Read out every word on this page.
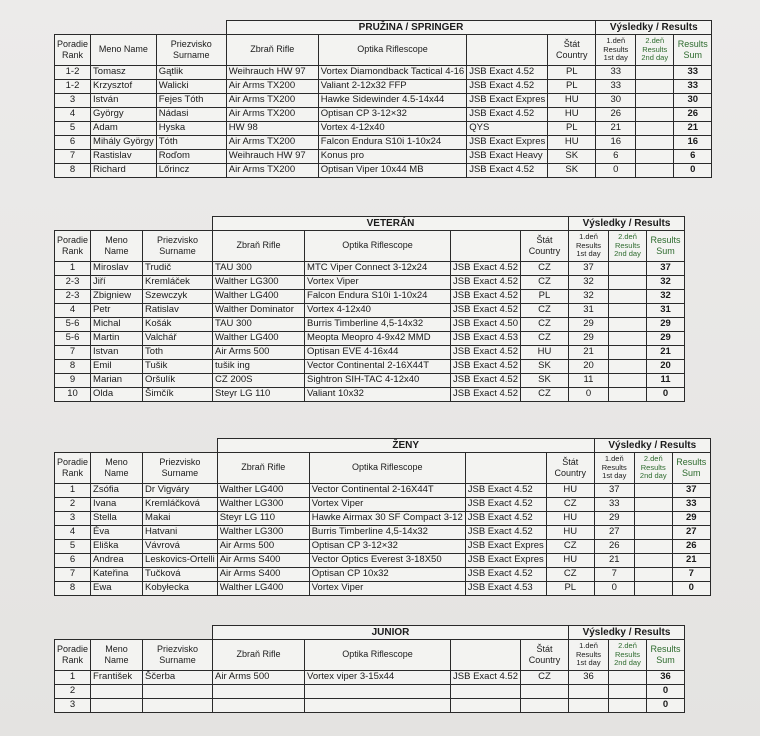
			PRUŽINA / SPRINGER				Výsledky / Results		
Poradie Rank	Meno Name	Priezvisko Surname	Zbraň Rifle	Optika Riflescope		Štát Country	1.deň Results 1st day	2.deň Results 2nd day	Results Sum
1-2	Tomasz	Gątlik	Weihrauch HW 97	Vortex Diamondback Tactical 4-16	JSB Exact 4.52	PL	33		33
1-2	Krzysztof	Walicki	Air Arms TX200	Valiant 2-12x32 FFP	JSB Exact 4.52	PL	33		33
3	István	Fejes Tóth	Air Arms TX200	Hawke Sidewinder 4.5-14x44	JSB Exact Expres	HU	30		30
4	György	Nádasi	Air Arms TX200	Optisan CP 3-12×32	JSB Exact 4.52	HU	26		26
5	Adam	Hyska	HW 98	Vortex 4-12x40	QYS	PL	21		21
6	Mihály György	Tóth	Air Arms TX200	Falcon Endura S10i 1-10x24	JSB Exact Expres	HU	16		16
7	Rastislav	Roďom	Weihrauch HW 97	Konus pro	JSB Exact Heavy	SK	6		6
8	Richard	Lőrincz	Air Arms TX200	Optisan Viper 10x44 MB	JSB Exact 4.52	SK	0		0
			VETERÁN				Výsledky / Results		
Poradie Rank	Meno Name	Priezvisko Surname	Zbraň Rifle	Optika Riflescope		Štát Country	1.deň Results 1st day	2.deň Results 2nd day	Results Sum
1	Miroslav	Trudič	TAU 300	MTC Viper Connect 3-12x24	JSB Exact 4.52	CZ	37		37
2-3	Jiří	Kremláček	Walther LG300	Vortex Viper	JSB Exact 4.52	CZ	32		32
2-3	Zbigniew	Szewczyk	Walther LG400	Falcon Endura S10i 1-10x24	JSB Exact 4.52	PL	32		32
4	Petr	Ratislav	Walther Dominator	Vortex 4-12x40	JSB Exact 4.52	CZ	31		31
5-6	Michal	Košák	TAU 300	Burris Timberline 4,5-14x32	JSB Exact 4.50	CZ	29		29
5-6	Martin	Valchář	Walther LG400	Meopta Meopro 4-9x42 MMD	JSB Exact 4.53	CZ	29		29
7	Istvan	Toth	Air Arms 500	Optisan EVE 4-16x44	JSB Exact 4.52	HU	21		21
8	Emil	Tušik	tušik ing	Vector Continental 2-16X44T	JSB Exact 4.52	SK	20		20
9	Marian	Oršulík	CZ 200S	Sightron SIH-TAC 4-12x40	JSB Exact 4.52	SK	11		11
10	Olda	Šimčík	Steyr LG 110	Valiant 10x32	JSB Exact 4.52	CZ	0		0
			ŽENY				Výsledky / Results		
Poradie Rank	Meno Name	Priezvisko Surname	Zbraň Rifle	Optika Riflescope		Štát Country	1.deň Results 1st day	2.deň Results 2nd day	Results Sum
1	Zsófia	Dr Vigváry	Walther LG400	Vector Continental 2-16X44T	JSB Exact 4.52	HU	37		37
2	Ivana	Kremláčková	Walther LG300	Vortex Viper	JSB Exact 4.52	CZ	33		33
3	Stella	Makai	Steyr LG 110	Hawke Airmax 30 SF Compact 3-12	JSB Exact 4.52	HU	29		29
4	Éva	Hatvani	Walther LG300	Burris Timberline 4,5-14x32	JSB Exact 4.52	HU	27		27
5	Eliška	Vávrová	Air Arms 500	Optisan CP 3-12×32	JSB Exact Expres	CZ	26		26
6	Andrea	Leskovics-Ortelli	Air Arms S400	Vector Optics Everest 3-18X50	JSB Exact Expres	HU	21		21
7	Kateřina	Tučková	Air Arms S400	Optisan CP 10x32	JSB Exact 4.52	CZ	7		7
8	Ewa	Kobyłecka	Walther LG400	Vortex Viper	JSB Exact 4.53	PL	0		0
			JUNIOR				Výsledky / Results		
Poradie Rank	Meno Name	Priezvisko Surname	Zbraň Rifle	Optika Riflescope		Štát Country	1.deň Results 1st day	2.deň Results 2nd day	Results Sum
1	František	Ščerba	Air Arms 500	Vortex viper 3-15x44	JSB Exact 4.52	CZ	36		36
2									0
3									0
